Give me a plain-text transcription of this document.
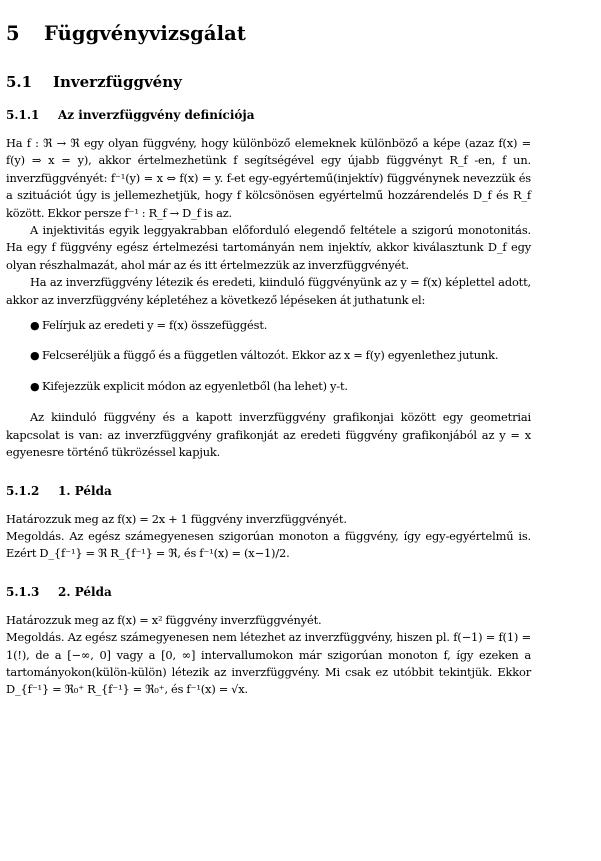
5 Függvényvizsgálat
5.1 Inverzfüggvény
5.1.1 Az inverzfüggvény definíciója

Ha f : ℜ → ℜ egy olyan függvény, hogy különböző elemeknek különböző a képe (azaz f(x) = f(y) ⇒ x = y), akkor értelmezhetünk f segítségével egy újabb függvényt R_f -en, f un. inverzfüggvényét: f⁻¹(y) = x ⇔ f(x) = y. f-et egy-egyértemű(injektív) függvénynek nevezzük és a szituációt úgy is jellemezhetjük, hogy f kölcsönösen egyértelmű hozzárendelés D_f és R_f között. Ekkor persze f⁻¹ : R_f → D_f is az.

A injektivitás egyik leggyakrabban előforduló elegendő feltétele a szigorú monotonitás. Ha egy f függvény egész értelmezési tartományán nem injektív, akkor kiválasztunk D_f egy olyan részhalmazát, ahol már az és itt értelmezzük az inverzfüggvényét.

Ha az inverzfüggvény létezik és eredeti, kiinduló függvényünk az y = f(x) képlettel adott, akkor az inverzfüggvény képletéhez a következő lépéseken át juthatunk el:

● Felírjuk az eredeti y = f(x) összefüggést.
● Felcseréljük a függő és a független változót. Ekkor az x = f(y) egyenlethez jutunk.
● Kifejezzük explicit módon az egyenletből (ha lehet) y-t.

Az kiinduló függvény és a kapott inverzfüggvény grafikonjai között egy geometriai kapcsolat is van: az inverzfüggvény grafikonját az eredeti függvény grafikonjából az y = x egyenesre történő tükrözéssel kapjuk.

5.1.2 1. Példa

Határozzuk meg az f(x) = 2x + 1 függvény inverzfüggvényét.

Megoldás. Az egész számegyenesen szigorúan monoton a függvény, így egy-egyértelmű is. Ezért D_{f⁻¹} = ℜ R_{f⁻¹} = ℜ, és f⁻¹(x) = (x−1)/2.

5.1.3 2. Példa

Határozzuk meg az f(x) = x² függvény inverzfüggvényét.

Megoldás. Az egész számegyenesen nem létezhet az inverzfüggvény, hiszen pl. f(−1) = f(1) = 1(!), de a [−∞, 0] vagy a [0, ∞] intervallumokon már szigorúan monoton f, így ezeken a tartományokon(külön-külön) létezik az inverzfüggvény. Mi csak ez utóbbit tekintjük. Ekkor D_{f⁻¹} = ℜ₀⁺ R_{f⁻¹} = ℜ₀⁺, és f⁻¹(x) = √x.
